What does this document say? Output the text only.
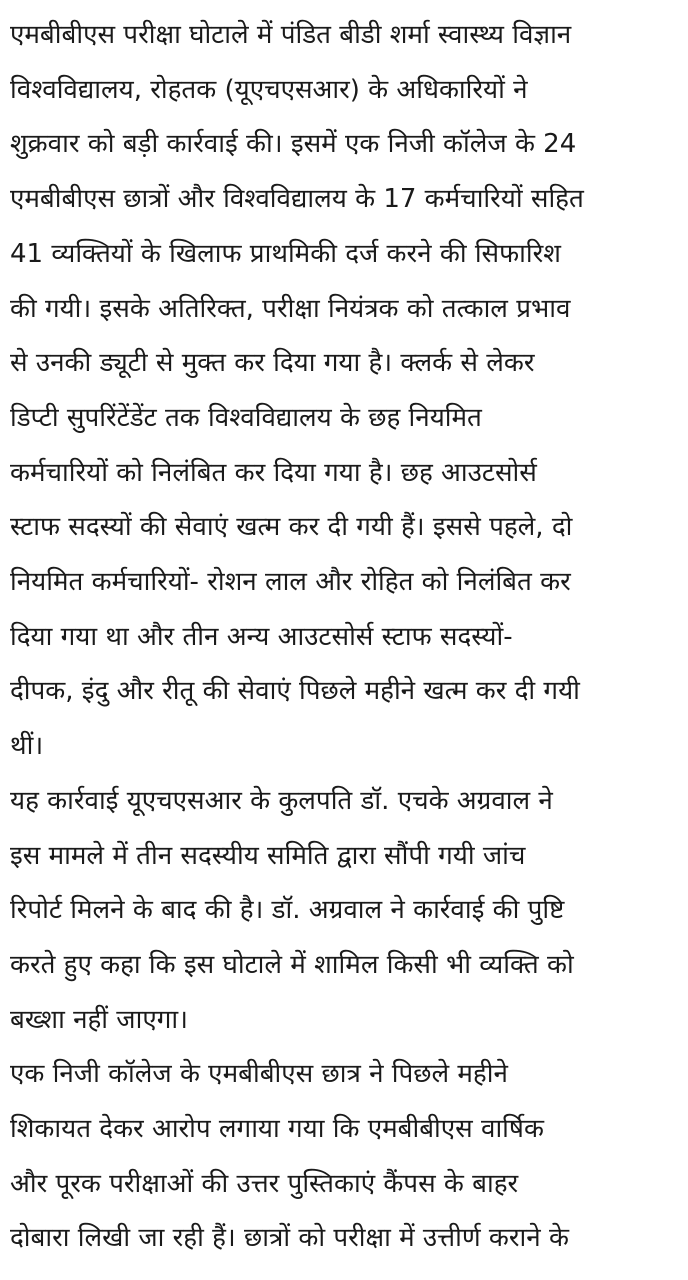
एमबीबीएस परीक्षा घोटाले में पंडित बीडी शर्मा स्वास्थ्य विज्ञान
विश्वविद्यालय, रोहतक (यूएचएसआर) के अधिकारियों ने
शुक्रवार को बड़ी कार्रवाई की। इसमें एक निजी कॉलेज के 24
एमबीबीएस छात्रों और विश्वविद्यालय के 17 कर्मचारियों सहित
41 व्यक्तियों के खिलाफ प्राथमिकी दर्ज करने की सिफारिश
की गयी। इसके अतिरिक्त, परीक्षा नियंत्रक को तत्काल प्रभाव
से उनकी ड्यूटी से मुक्त कर दिया गया है। क्लर्क से लेकर
डिप्टी सुपरिंटेंडेंट तक विश्वविद्यालय के छह नियमित
कर्मचारियों को निलंबित कर दिया गया है। छह आउटसोर्स
स्टाफ सदस्यों की सेवाएं खत्म कर दी गयी हैं। इससे पहले, दो
नियमित कर्मचारियों- रोशन लाल और रोहित को निलंबित कर
दिया गया था और तीन अन्य आउटसोर्स स्टाफ सदस्यों-
दीपक, इंदु और रीतू की सेवाएं पिछले महीने खत्म कर दी गयी
थीं।

यह कार्रवाई यूएचएसआर के कुलपति डॉ. एचके अग्रवाल ने
इस मामले में तीन सदस्यीय समिति द्वारा सौंपी गयी जांच
रिपोर्ट मिलने के बाद की है। डॉ. अग्रवाल ने कार्रवाई की पुष्टि
करते हुए कहा कि इस घोटाले में शामिल किसी भी व्यक्ति को
बख्शा नहीं जाएगा।

एक निजी कॉलेज के एमबीबीएस छात्र ने पिछले महीने
शिकायत देकर आरोप लगाया गया कि एमबीबीएस वार्षिक
और पूरक परीक्षाओं की उत्तर पुस्तिकाएं कैंपस के बाहर
दोबारा लिखी जा रही हैं। छात्रों को परीक्षा में उत्तीर्ण कराने के
